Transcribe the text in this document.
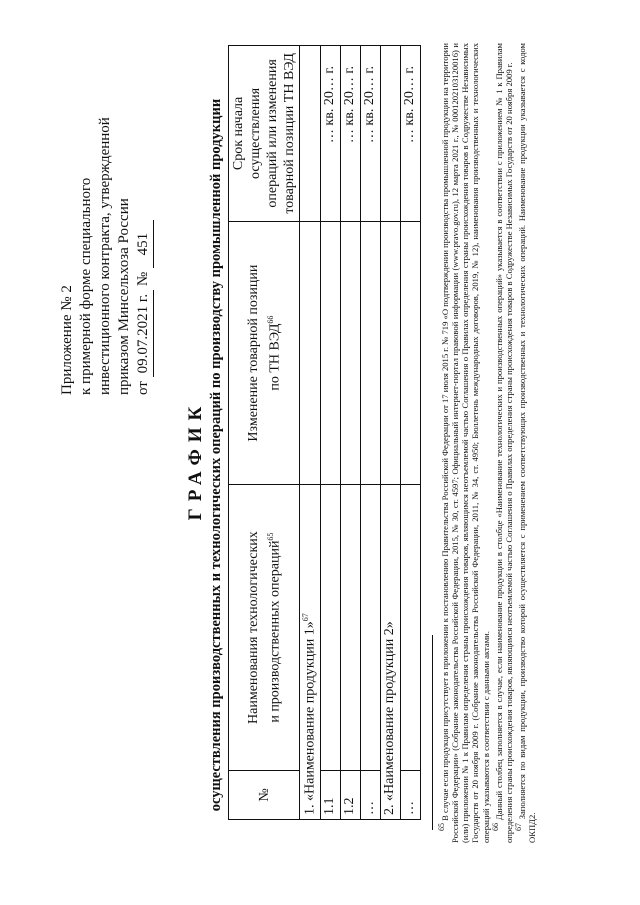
Приложение № 2 к примерной форме специального инвестиционного контракта, утвержденной приказом Минсельхоза России от 09.07.2021 г. № 451
ГРАФИК осуществления производственных и технологических операций по производству промышленной продукции №	Наименования технологических и производственных операций$^{65}$	Изменение товарной позиции по ТН ВЭД$^{66}$	Срок начала осуществления операций или изменения товарной позиции ТН ВЭД
1. «Наименование продукции 1»$^{67}$		
1.1			… кв. 20… г.
1.2			… кв. 20… г.
…			… кв. 20… г.
2. «Наименование продукции 2»			
…			… кв. 20… г.

$^{65}$ В случае если продукция присутствует в приложении к постановлению Правительства Российской Федерации от 17 июля 2015 г. № 719 «О подтверждении производства промышленной продукции на территории Российской Федерации» (Собрание законодательства Российской Федерации, 2015, № 30, ст. 4597; Официальный интернет-портал правовой информации (www.pravo.gov.ru), 12 марта 2021 г., № 0001202103120016) и (или) приложении № 1 к Правилам определения страны происхождения товаров, являющимся неотъемлемой частью Соглашения о Правилах определения страны происхождения товаров в Содружестве Независимых Государств от 20 ноября 2009 г. (Собрание законодательства Российской Федерации, 2011, № 34, ст. 4950; Бюллетень международных договоров, 2019, № 12), наименования производственных и технологических операций указываются в соответствии с данными актами. $^{66}$ Данный столбец заполняется в случае, если наименование продукции в столбце «Наименование технологических и производственных операций» указывается в соответствии с приложением № 1 к Правилам определения страны происхождения товаров, являющимся неотъемлемой частью Соглашения о Правилах определения страны происхождения товаров в Содружестве Независимых Государств от 20 ноября 2009 г. $^{67}$ Заполняется по видам продукции, производство которой осуществляется с применением соответствующих производственных и технологических операций. Наименование продукции указывается с кодом ОКПД2.
